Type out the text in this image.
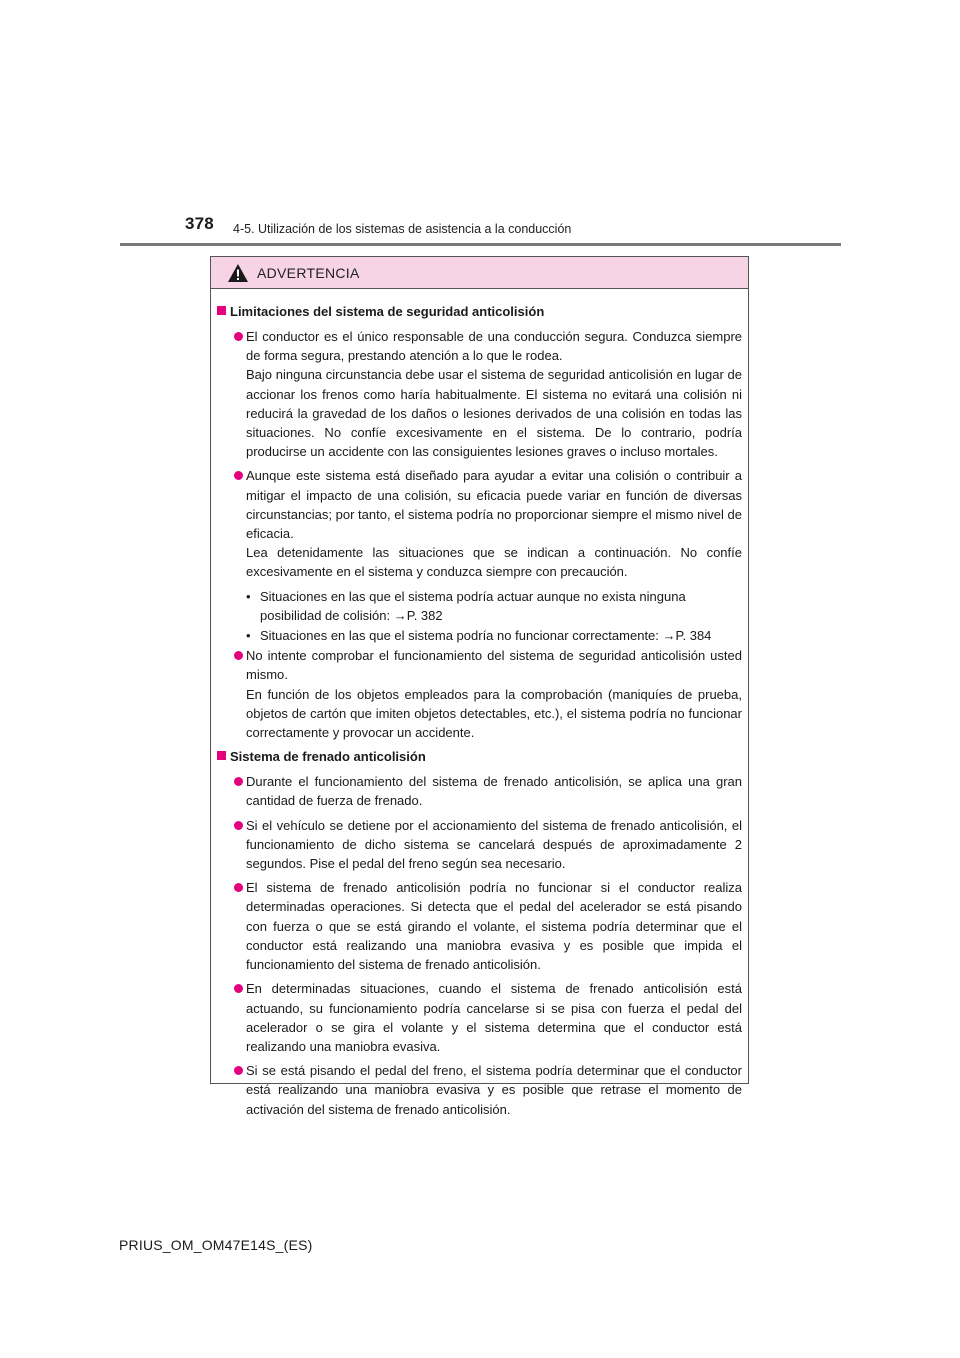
378 4-5. Utilización de los sistemas de asistencia a la conducción
ADVERTENCIA
Limitaciones del sistema de seguridad anticolisión

El conductor es el único responsable de una conducción segura. Conduzca siempre de forma segura, prestando atención a lo que le rodea.

Bajo ninguna circunstancia debe usar el sistema de seguridad anticolisión en lugar de accionar los frenos como haría habitualmente. El sistema no evitará una colisión ni reducirá la gravedad de los daños o lesiones derivados de una colisión en todas las situaciones. No confíe excesivamente en el sistema. De lo contrario, podría producirse un accidente con las consiguientes lesiones graves o incluso mortales.

Aunque este sistema está diseñado para ayudar a evitar una colisión o contribuir a mitigar el impacto de una colisión, su eficacia puede variar en función de diversas circunstancias; por tanto, el sistema podría no proporcionar siempre el mismo nivel de eficacia.

Lea detenidamente las situaciones que se indican a continuación. No confíe excesivamente en el sistema y conduzca siempre con precaución.

• Situaciones en las que el sistema podría actuar aunque no exista ninguna posibilidad de colisión: →P. 382
• Situaciones en las que el sistema podría no funcionar correctamente: →P. 384

No intente comprobar el funcionamiento del sistema de seguridad anticolisión usted mismo.

En función de los objetos empleados para la comprobación (maniquíes de prueba, objetos de cartón que imiten objetos detectables, etc.), el sistema podría no funcionar correctamente y provocar un accidente.

Sistema de frenado anticolisión

Durante el funcionamiento del sistema de frenado anticolisión, se aplica una gran cantidad de fuerza de frenado.

Si el vehículo se detiene por el accionamiento del sistema de frenado anticolisión, el funcionamiento de dicho sistema se cancelará después de aproximadamente 2 segundos. Pise el pedal del freno según sea necesario.

El sistema de frenado anticolisión podría no funcionar si el conductor realiza determinadas operaciones. Si detecta que el pedal del acelerador se está pisando con fuerza o que se está girando el volante, el sistema podría determinar que el conductor está realizando una maniobra evasiva y es posible que impida el funcionamiento del sistema de frenado anticolisión.

En determinadas situaciones, cuando el sistema de frenado anticolisión está actuando, su funcionamiento podría cancelarse si se pisa con fuerza el pedal del acelerador o se gira el volante y el sistema determina que el conductor está realizando una maniobra evasiva.

Si se está pisando el pedal del freno, el sistema podría determinar que el conductor está realizando una maniobra evasiva y es posible que retrase el momento de activación del sistema de frenado anticolisión.

PRIUS_OM_OM47E14S_(ES)
